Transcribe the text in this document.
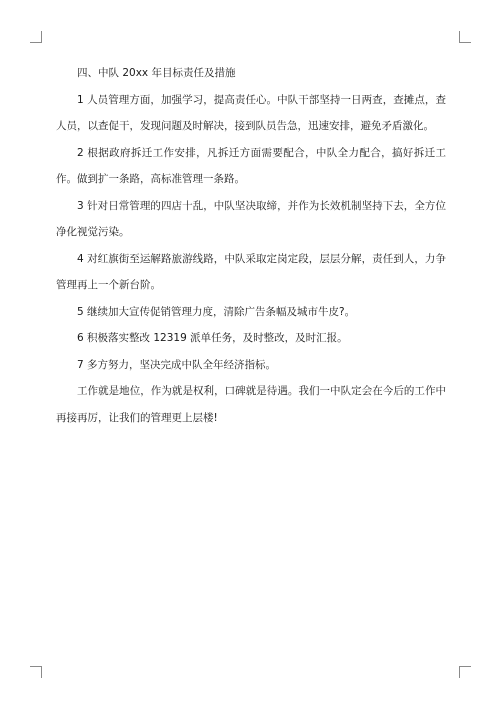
四、中队 20xx 年目标责任及措施

1 人员管理方面，加强学习，提高责任心。中队干部坚持一日两查，查摊点，查人员，以查促干，发现问题及时解决，接到队员告急，迅速安排，避免矛盾激化。

2 根据政府拆迁工作安排，凡拆迁方面需要配合，中队全力配合，搞好拆迁工作。做到扩一条路，高标准管理一条路。

3 针对日常管理的四店十乱，中队坚决取缔，并作为长效机制坚持下去，全方位净化视觉污染。

4 对红旗街至运解路旅游线路，中队采取定岗定段，层层分解，责任到人，力争管理再上一个新台阶。

5 继续加大宣传促销管理力度，清除广告条幅及城市牛皮?。

6 积极落实整改 12319 派单任务，及时整改，及时汇报。

7 多方努力，坚决完成中队全年经济指标。

工作就是地位，作为就是权利，口碑就是待遇。我们一中队定会在今后的工作中再接再厉，让我们的管理更上层楼!
